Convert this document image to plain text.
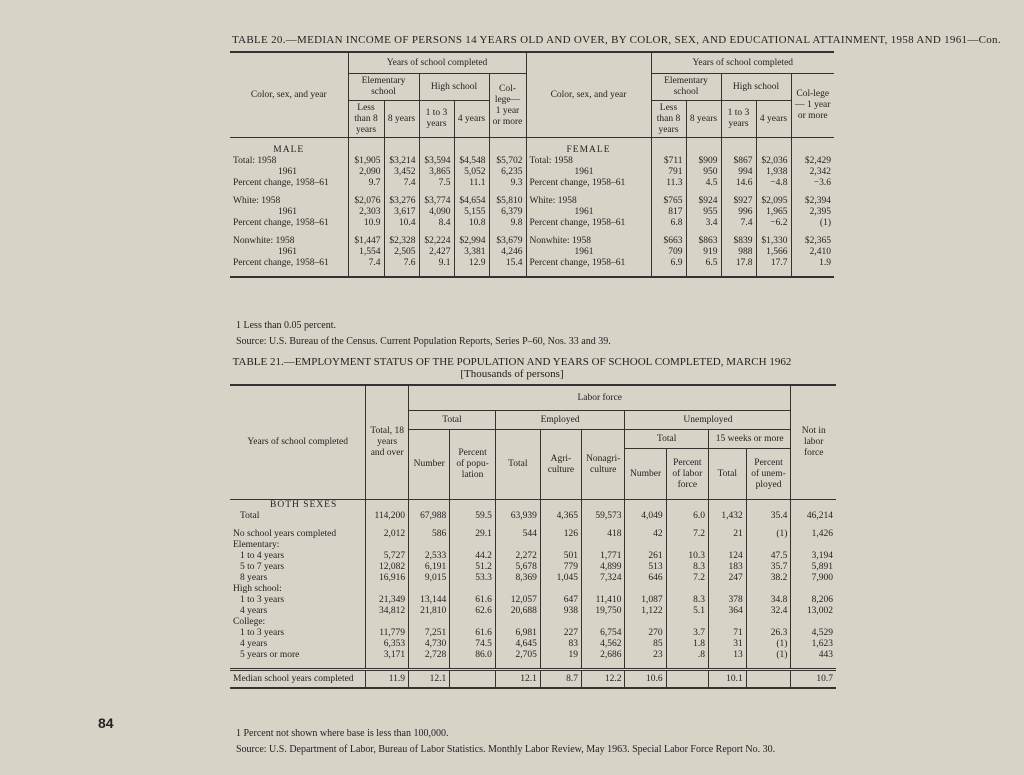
TABLE 20.—MEDIAN INCOME OF PERSONS 14 YEARS OLD AND OVER, BY COLOR, SEX, AND EDUCATIONAL ATTAINMENT, 1958 AND 1961—Con.
Color, sex, and year	Years of school completed					Color, sex, and year	Years of school completed				
	Elementary school		High school		Col-lege— 1 year or more		Elementary school		High school		Col-lege— 1 year or more
	Less than 8 years	8 years	1 to 3 years	4 years			Less than 8 years	8 years	1 to 3 years	4 years	

MALE						FEMALE					
Total: 1958	$1,905	$3,214	$3,594	$4,548	$5,702	Total: 1958	$711	$909	$867	$2,036	$2,429
1961	2,090	3,452	3,865	5,052	6,235	1961	791	950	994	1,938	2,342
Percent change, 1958–61	9.7	7.4	7.5	11.1	9.3	Percent change, 1958–61	11.3	4.5	14.6	−4.8	−3.6

White: 1958	$2,076	$3,276	$3,774	$4,654	$5,810	White: 1958	$765	$924	$927	$2,095	$2,394
1961	2,303	3,617	4,090	5,155	6,379	1961	817	955	996	1,965	2,395
Percent change, 1958–61	10.9	10.4	8.4	10.8	9.8	Percent change, 1958–61	6.8	3.4	7.4	−6.2	(1)

Nonwhite: 1958	$1,447	$2,328	$2,224	$2,994	$3,679	Nonwhite: 1958	$663	$863	$839	$1,330	$2,365
1961	1,554	2,505	2,427	3,381	4,246	1961	709	919	988	1,566	2,410
Percent change, 1958–61	7.4	7.6	9.1	12.9	15.4	Percent change, 1958–61	6.9	6.5	17.8	17.7	1.9

1 Less than 0.05 percent.
Source: U.S. Bureau of the Census. Current Population Reports, Series P–60, Nos. 33 and 39.
TABLE 21.—EMPLOYMENT STATUS OF THE POPULATION AND YEARS OF SCHOOL COMPLETED, MARCH 1962
[Thousands of persons]
Years of school completed	Total, 18 years and over	Labor force									Not in labor force
		Total		Employed			Unemployed				
		Number	Percent of popu-lation	Total	Agri-culture	Nonagri-culture	Total		15 weeks or more		
							Number	Percent of labor force	Total	Percent of unem-ployed	
BOTH SEXES											
Total	114,200	67,988	59.5	63,939	4,365	59,573	4,049	6.0	1,432	35.4	46,214

No school years completed	2,012	586	29.1	544	126	418	42	7.2	21	(1)	1,426
Elementary:											
1 to 4 years	5,727	2,533	44.2	2,272	501	1,771	261	10.3	124	47.5	3,194
5 to 7 years	12,082	6,191	51.2	5,678	779	4,899	513	8.3	183	35.7	5,891
8 years	16,916	9,015	53.3	8,369	1,045	7,324	646	7.2	247	38.2	7,900
High school:											
1 to 3 years	21,349	13,144	61.6	12,057	647	11,410	1,087	8.3	378	34.8	8,206
4 years	34,812	21,810	62.6	20,688	938	19,750	1,122	5.1	364	32.4	13,002
College:											
1 to 3 years	11,779	7,251	61.6	6,981	227	6,754	270	3.7	71	26.3	4,529
4 years	6,353	4,730	74.5	4,645	83	4,562	85	1.8	31	(1)	1,623
5 years or more	3,171	2,728	86.0	2,705	19	2,686	23	.8	13	(1)	443

Median school years completed	11.9	12.1		12.1	8.7	12.2	10.6		10.1		10.7
1 Percent not shown where base is less than 100,000.
Source: U.S. Department of Labor, Bureau of Labor Statistics. Monthly Labor Review, May 1963. Special Labor Force Report No. 30.
84
